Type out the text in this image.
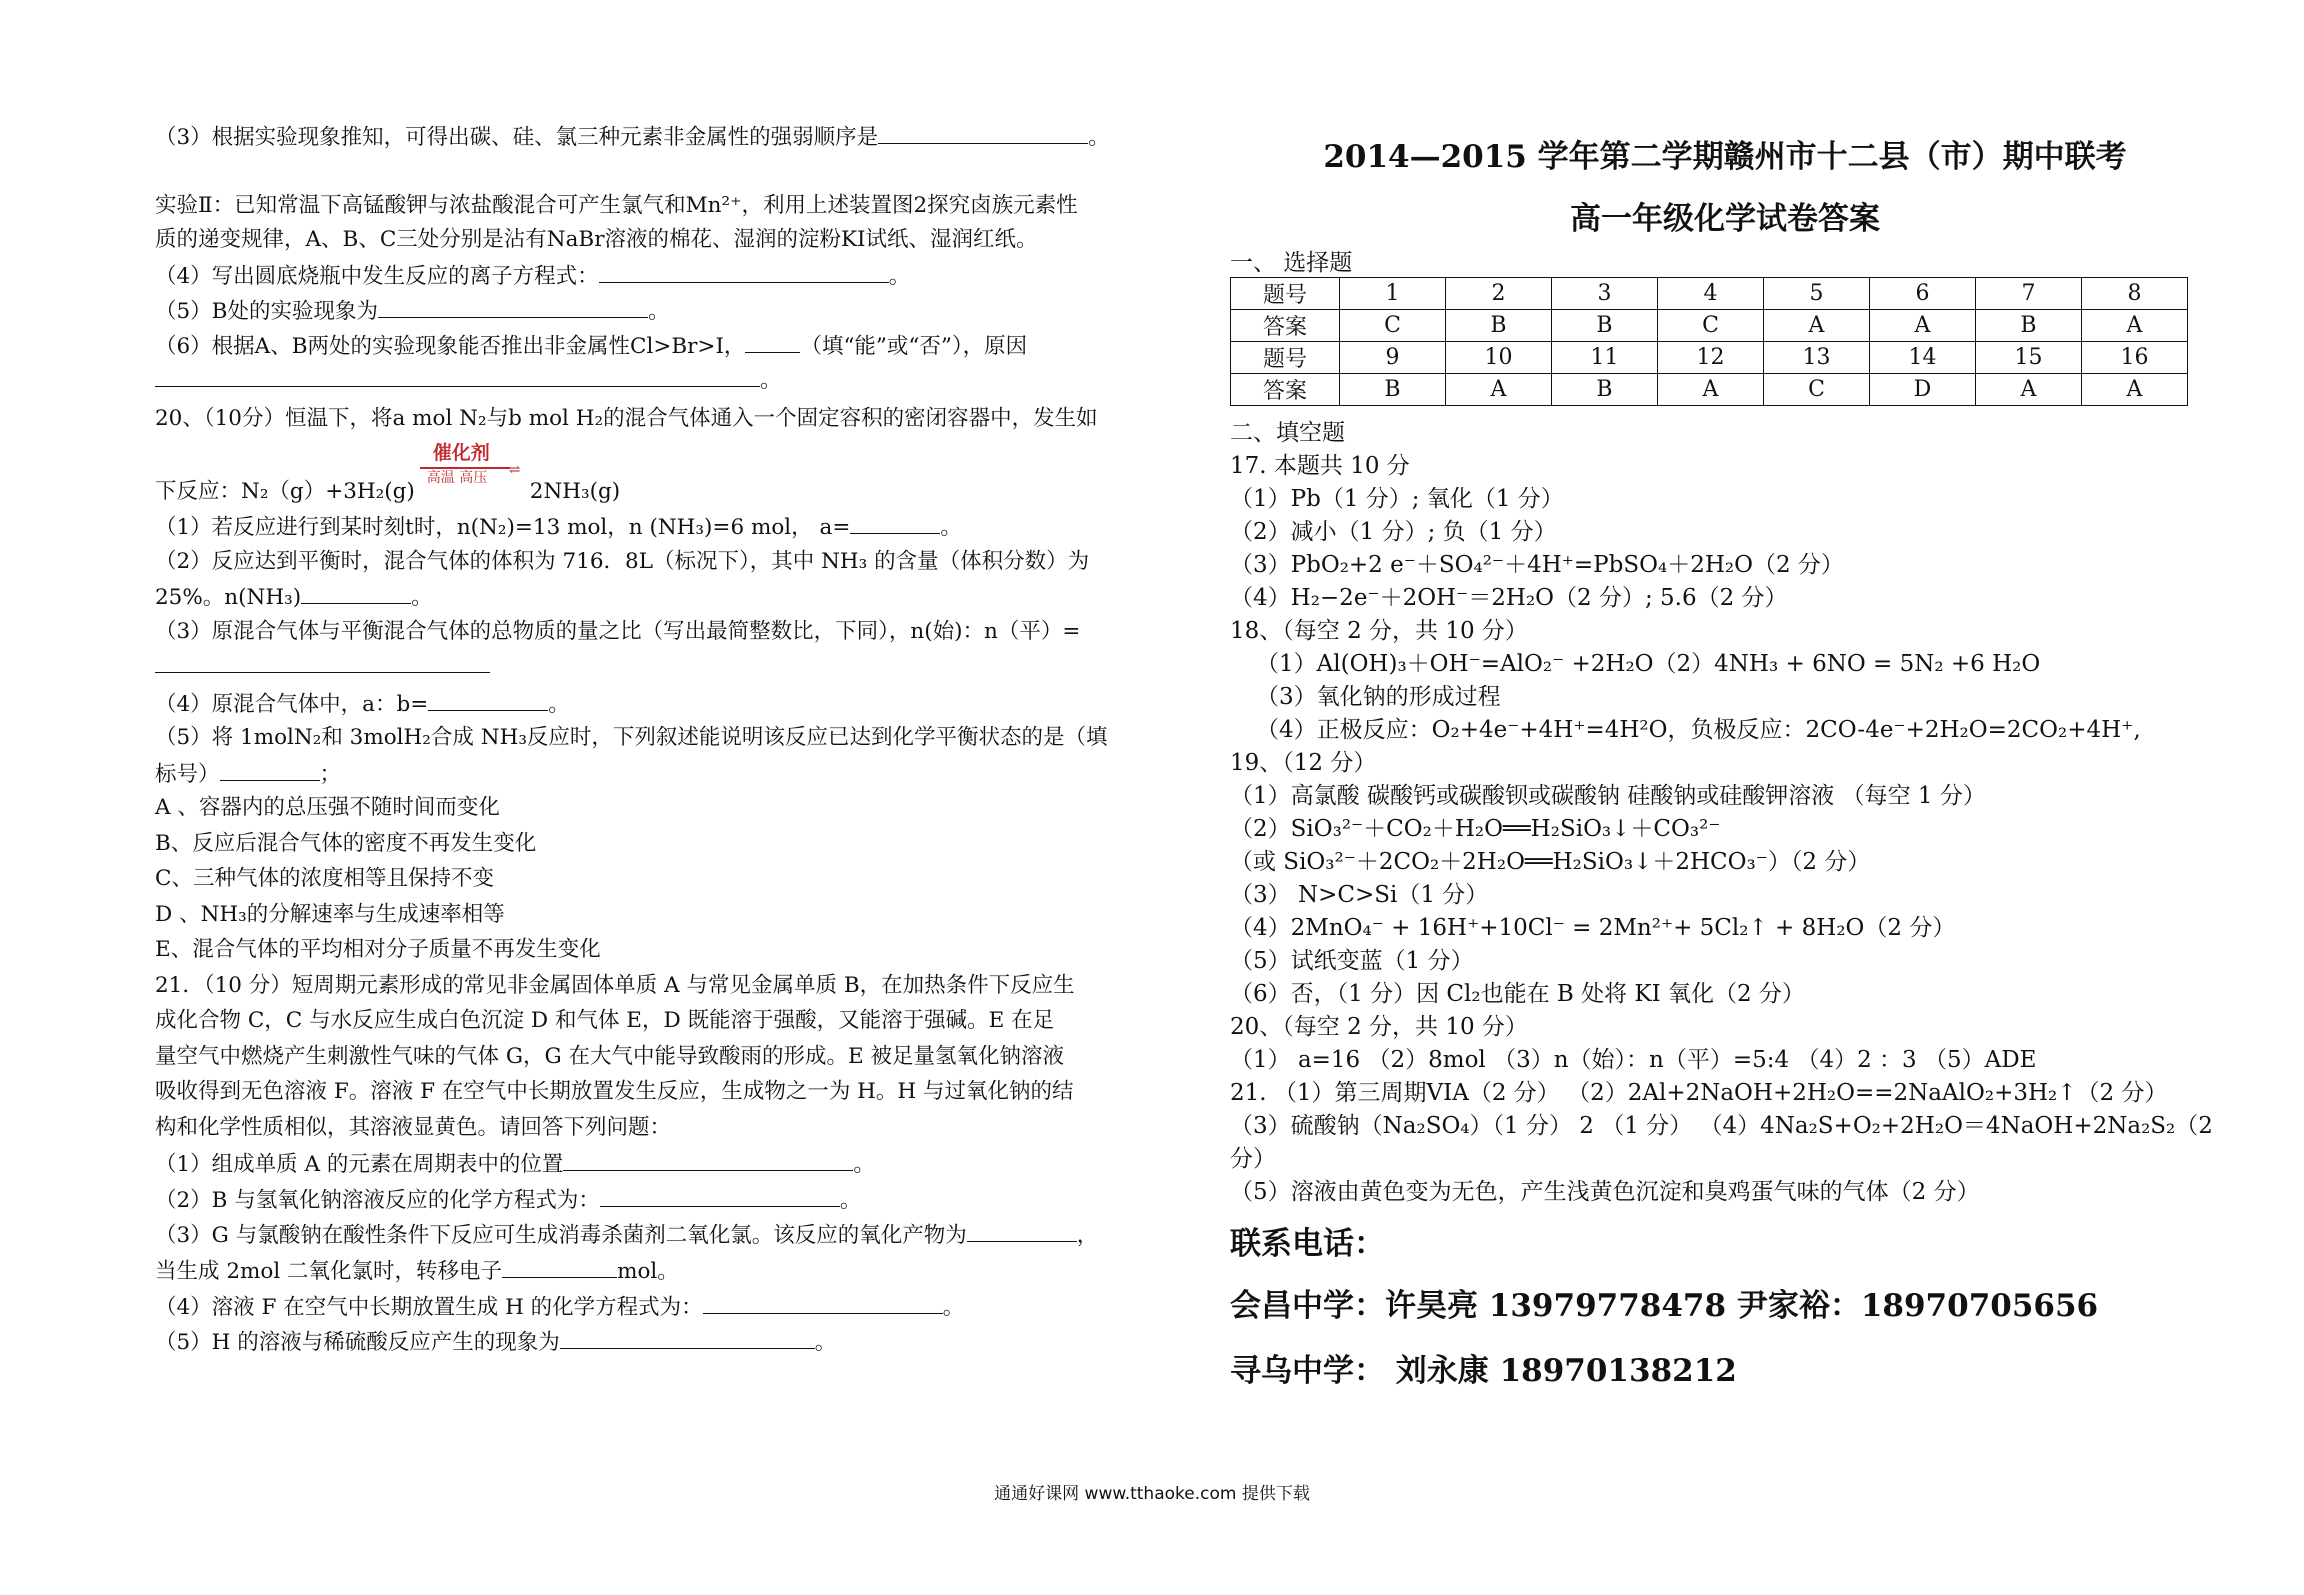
（3）根据实验现象推知，可得出碳、硅、氯三种元素非金属性的强弱顺序是	。
实验Ⅱ：已知常温下高锰酸钾与浓盐酸混合可产生氯气和Mn²⁺，利用上述装置图2探究卤族元素性
质的递变规律，A、B、C三处分别是沾有NaBr溶液的棉花、湿润的淀粉KI试纸、湿润红纸。
（4）写出圆底烧瓶中发生反应的离子方程式：	。
（5）B处的实验现象为	。
（6）根据A、B两处的实验现象能否推出非金属性Cl>Br>I，	（填“能”或“否”），原因
。
20、（10分）恒温下，将a mol N₂与b mol H₂的混合气体通入一个固定容积的密闭容器中，发生如
下反应：N₂（g）+3H₂(g)
催化剂
⇌
高温 高压
2NH₃(g)
（1）若反应进行到某时刻t时，n(N₂)=13 mol，n (NH₃)=6 mol， a=	。
（2）反应达到平衡时，混合气体的体积为 716．8L（标况下），其中 NH₃ 的含量（体积分数）为
25%。n(NH₃)	。
（3）原混合气体与平衡混合气体的总物质的量之比（写出最简整数比，下同），n(始)：n（平）=
（4）原混合气体中，a：b=	。
（5）将 1molN₂和 3molH₂合成 NH₃反应时，下列叙述能说明该反应已达到化学平衡状态的是（填
标号）	；
A 、容器内的总压强不随时间而变化
B、反应后混合气体的密度不再发生变化
C、三种气体的浓度相等且保持不变
D 、NH₃的分解速率与生成速率相等
E、混合气体的平均相对分子质量不再发生变化
21．（10 分）短周期元素形成的常见非金属固体单质 A 与常见金属单质 B，在加热条件下反应生
成化合物 C，C 与水反应生成白色沉淀 D 和气体 E，D 既能溶于强酸，又能溶于强碱。E 在足
量空气中燃烧产生刺激性气味的气体 G，G 在大气中能导致酸雨的形成。E 被足量氢氧化钠溶液
吸收得到无色溶液 F。溶液 F 在空气中长期放置发生反应，生成物之一为 H。H 与过氧化钠的结
构和化学性质相似，其溶液显黄色。请回答下列问题：
（1）组成单质 A 的元素在周期表中的位置	。
（2）B 与氢氧化钠溶液反应的化学方程式为：	。
（3）G 与氯酸钠在酸性条件下反应可生成消毒杀菌剂二氧化氯。该反应的氧化产物为	，
当生成 2mol 二氧化氯时，转移电子	mol。
（4）溶液 F 在空气中长期放置生成 H 的化学方程式为：	。
（5）H 的溶液与稀硫酸反应产生的现象为	。
2014—2015 学年第二学期赣州市十二县（市）期中联考
高一年级化学试卷答案
一、 选择题
题号	1	2	3	4	5	6	7	8
答案	C	B	B	C	A	A	B	A
题号	9	10	11	12	13	14	15	16
答案	B	A	B	A	C	D	A	A
二、填空题
17. 本题共 10 分
（1）Pb（1 分）; 氧化（1 分）
（2）减小（1 分）; 负（1 分）
（3）PbO₂+2 e⁻＋SO₄²⁻＋4H⁺=PbSO₄＋2H₂O（2 分）
（4）H₂−2e⁻＋2OH⁻＝2H₂O（2 分）; 5.6（2 分）
18、（每空 2 分，共 10 分）
（1）Al(OH)₃＋OH⁻=AlO₂⁻ +2H₂O（2）4NH₃ + 6NO = 5N₂ +6 H₂O
（3）氧化钠的形成过程
（4）正极反应：O₂+4e⁻+4H⁺=4H²O，负极反应：2CO-4e⁻+2H₂O=2CO₂+4H⁺,
19、（12 分）
（1）高氯酸 碳酸钙或碳酸钡或碳酸钠 硅酸钠或硅酸钾溶液 （每空 1 分）
（2）SiO₃²⁻＋CO₂＋H₂O══H₂SiO₃↓＋CO₃²⁻
（或 SiO₃²⁻＋2CO₂＋2H₂O══H₂SiO₃↓＋2HCO₃⁻）（2 分）
（3） N>C>Si（1 分）
（4）2MnO₄⁻ + 16H⁺+10Cl⁻ = 2Mn²⁺+ 5Cl₂↑ + 8H₂O（2 分）
（5）试纸变蓝（1 分）
（6）否，（1 分）因 Cl₂也能在 B 处将 KI 氧化（2 分）
20、（每空 2 分，共 10 分）
（1） a=16 （2）8mol （3）n（始）：n（平）=5:4 （4）2 ：3 （5）ADE
21. （1）第三周期VIA（2 分） （2）2Al+2NaOH+2H₂O==2NaAlO₂+3H₂↑（2 分）
（3）硫酸钠（Na₂SO₄）（1 分） 2 （1 分） （4）4Na₂S+O₂+2H₂O＝4NaOH+2Na₂S₂（2
分）
（5）溶液由黄色变为无色，产生浅黄色沉淀和臭鸡蛋气味的气体（2 分）
联系电话：
会昌中学：许昊亮 13979778478 尹家裕：18970705656
寻乌中学： 刘永康 18970138212
通通好课网 www.tthaoke.com 提供下载
